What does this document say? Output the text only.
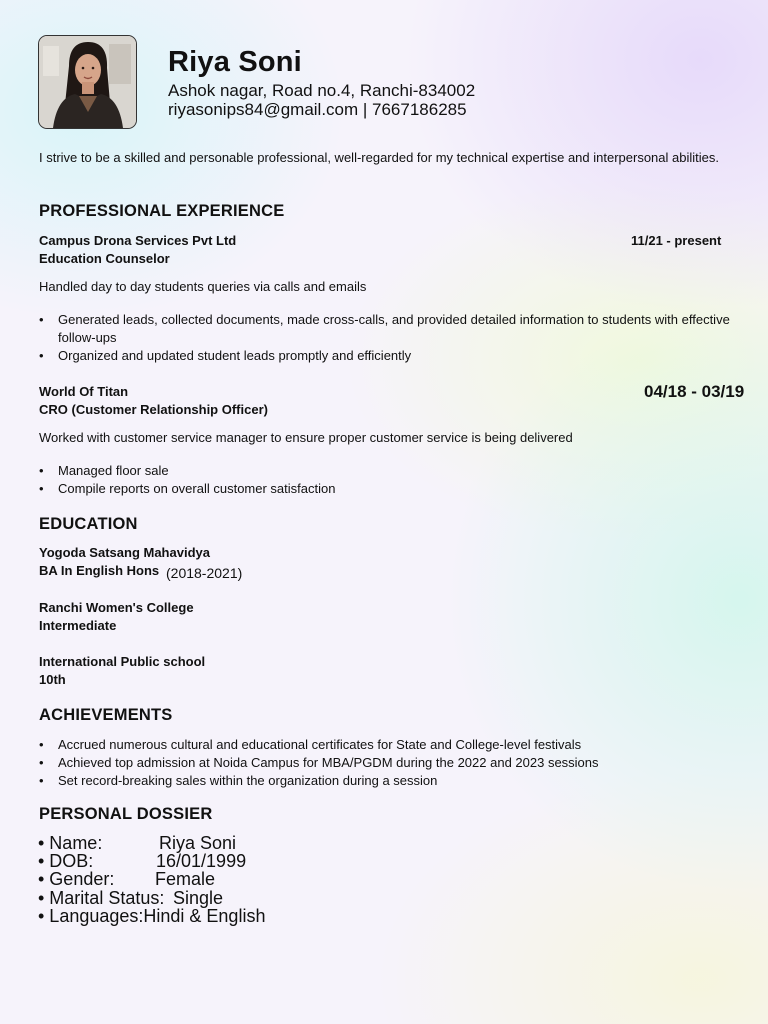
Riya Soni
Ashok nagar, Road no.4, Ranchi-834002
riyasonips84@gmail.com | 7667186285
I strive to be a skilled and personable professional, well-regarded for my technical expertise and interpersonal abilities.
PROFESSIONAL EXPERIENCE
Campus Drona Services Pvt Ltd	11/21 - present
Education Counselor
Handled day to day students queries via calls and emails
• Generated leads, collected documents, made cross-calls, and provided detailed information to students with effective follow-ups
• Organized and updated student leads promptly and efficiently
World Of Titan	04/18 - 03/19
CRO (Customer Relationship Officer)
Worked with customer service manager to ensure proper customer service is being delivered
• Managed floor sale
• Compile reports on overall customer satisfaction
EDUCATION
Yogoda Satsang Mahavidya
BA In English Hons (2018-2021)
Ranchi Women's College
Intermediate
International Public school
10th
ACHIEVEMENTS
• Accrued numerous cultural and educational certificates for State and College-level festivals
• Achieved top admission at Noida Campus for MBA/PGDM during the 2022 and 2023 sessions
• Set record-breaking sales within the organization during a session
PERSONAL DOSSIER
• Name:	Riya Soni
• DOB:	16/01/1999
• Gender: Female
• Marital Status: Single
• Languages:Hindi & English
